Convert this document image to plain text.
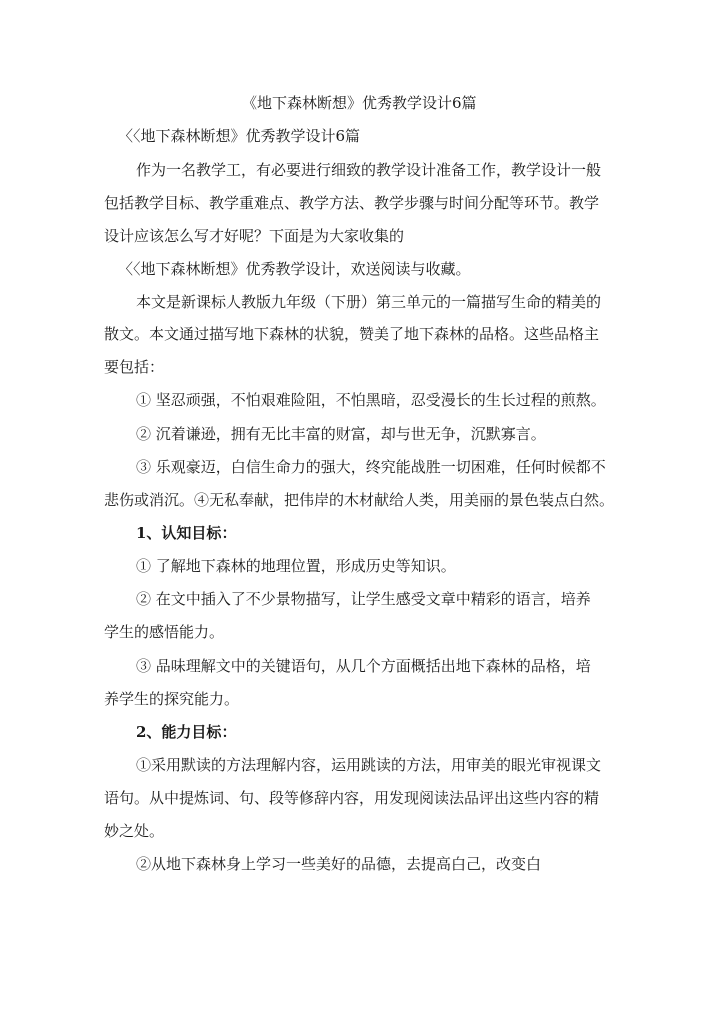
《地下森林断想》优秀教学设计6篇
〈〈地下森林断想》优秀教学设计6篇
作为一名教学工，有必要进行细致的教学设计准备工作，教学设计一般
包括教学目标、教学重难点、教学方法、教学步骤与时间分配等环节。教学
设计应该怎么写才好呢？下面是为大家收集的
〈〈地下森林断想》优秀教学设计，欢送阅读与收藏。
本文是新课标人教版九年级（下册）第三单元的一篇描写生命的精美的
散文。本文通过描写地下森林的状貌，赞美了地下森林的品格。这些品格主
要包括：
① 坚忍顽强，不怕艰难险阻，不怕黑暗，忍受漫长的生长过程的煎熬。
② 沉着谦逊，拥有无比丰富的财富，却与世无争，沉默寡言。
③ 乐观豪迈，白信生命力的强大，终究能战胜一切困难，任何时候都不
悲伤或消沉。④无私奉献，把伟岸的木材献给人类，用美丽的景色装点白然。
1、认知目标：
① 了解地下森林的地理位置，形成历史等知识。
② 在文中插入了不少景物描写，让学生感受文章中精彩的语言，培养
学生的感悟能力。
③ 品味理解文中的关键语句，从几个方面概括出地下森林的品格，培
养学生的探究能力。
2、能力目标：
①采用默读的方法理解内容，运用跳读的方法，用审美的眼光审视课文
语句。从中提炼词、句、段等修辞内容，用发现阅读法品评出这些内容的精
妙之处。
②从地下森林身上学习一些美好的品德，去提高白己，改变白
